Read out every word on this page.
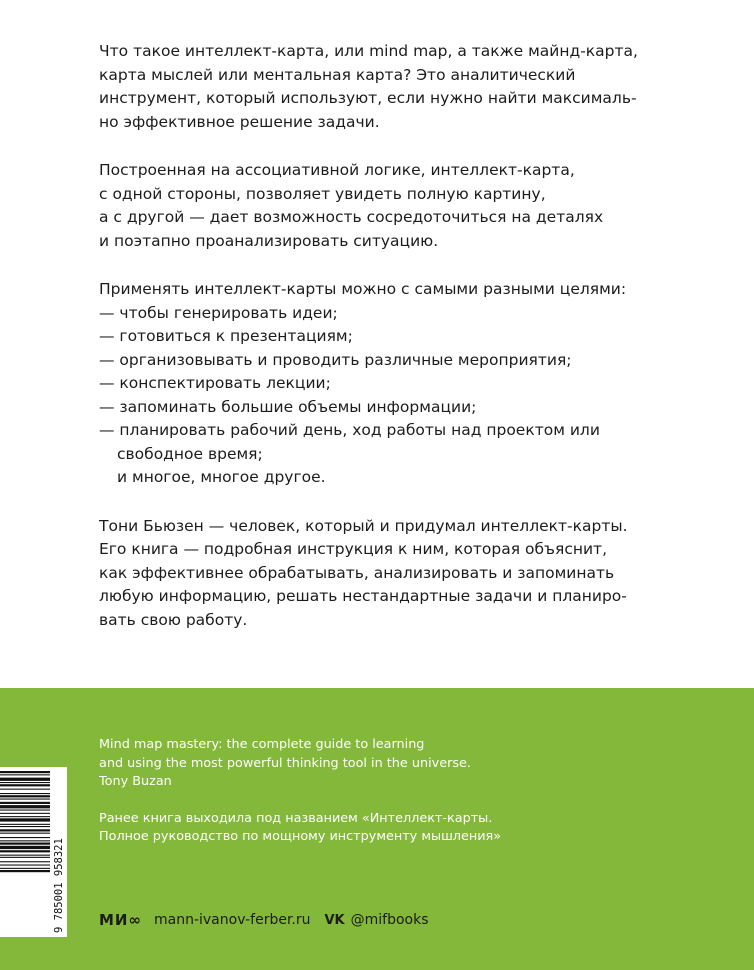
Что такое интеллект-карта, или mind map, а также майнд-карта,
карта мыслей или ментальная карта? Это аналитический
инструмент, который используют, если нужно найти максималь-
но эффективное решение задачи.

Построенная на ассоциативной логике, интеллект-карта,
с одной стороны, позволяет увидеть полную картину,
а с другой — дает возможность сосредоточиться на деталях
и поэтапно проанализировать ситуацию.

Применять интеллект-карты можно с самыми разными целями:
— чтобы генерировать идеи;
— готовиться к презентациям;
— организовывать и проводить различные мероприятия;
— конспектировать лекции;
— запоминать большие объемы информации;
— планировать рабочий день, ход работы над проектом или
свободное время;
и многое, многое другое.

Тони Бьюзен — человек, который и придумал интеллект-карты.
Его книга — подробная инструкция к ним, которая объяснит,
как эффективнее обрабатывать, анализировать и запоминать
любую информацию, решать нестандартные задачи и планиро-
вать свою работу.

Mind map mastery: the complete guide to learning
and using the most powerful thinking tool in the universe.
Tony Buzan

Ранее книга выходила под названием «Интеллект-карты.
Полное руководство по мощному инструменту мышления»

9 785001 958321 МИ∞ mann-ivanov-ferber.ru VK @mifbooks
